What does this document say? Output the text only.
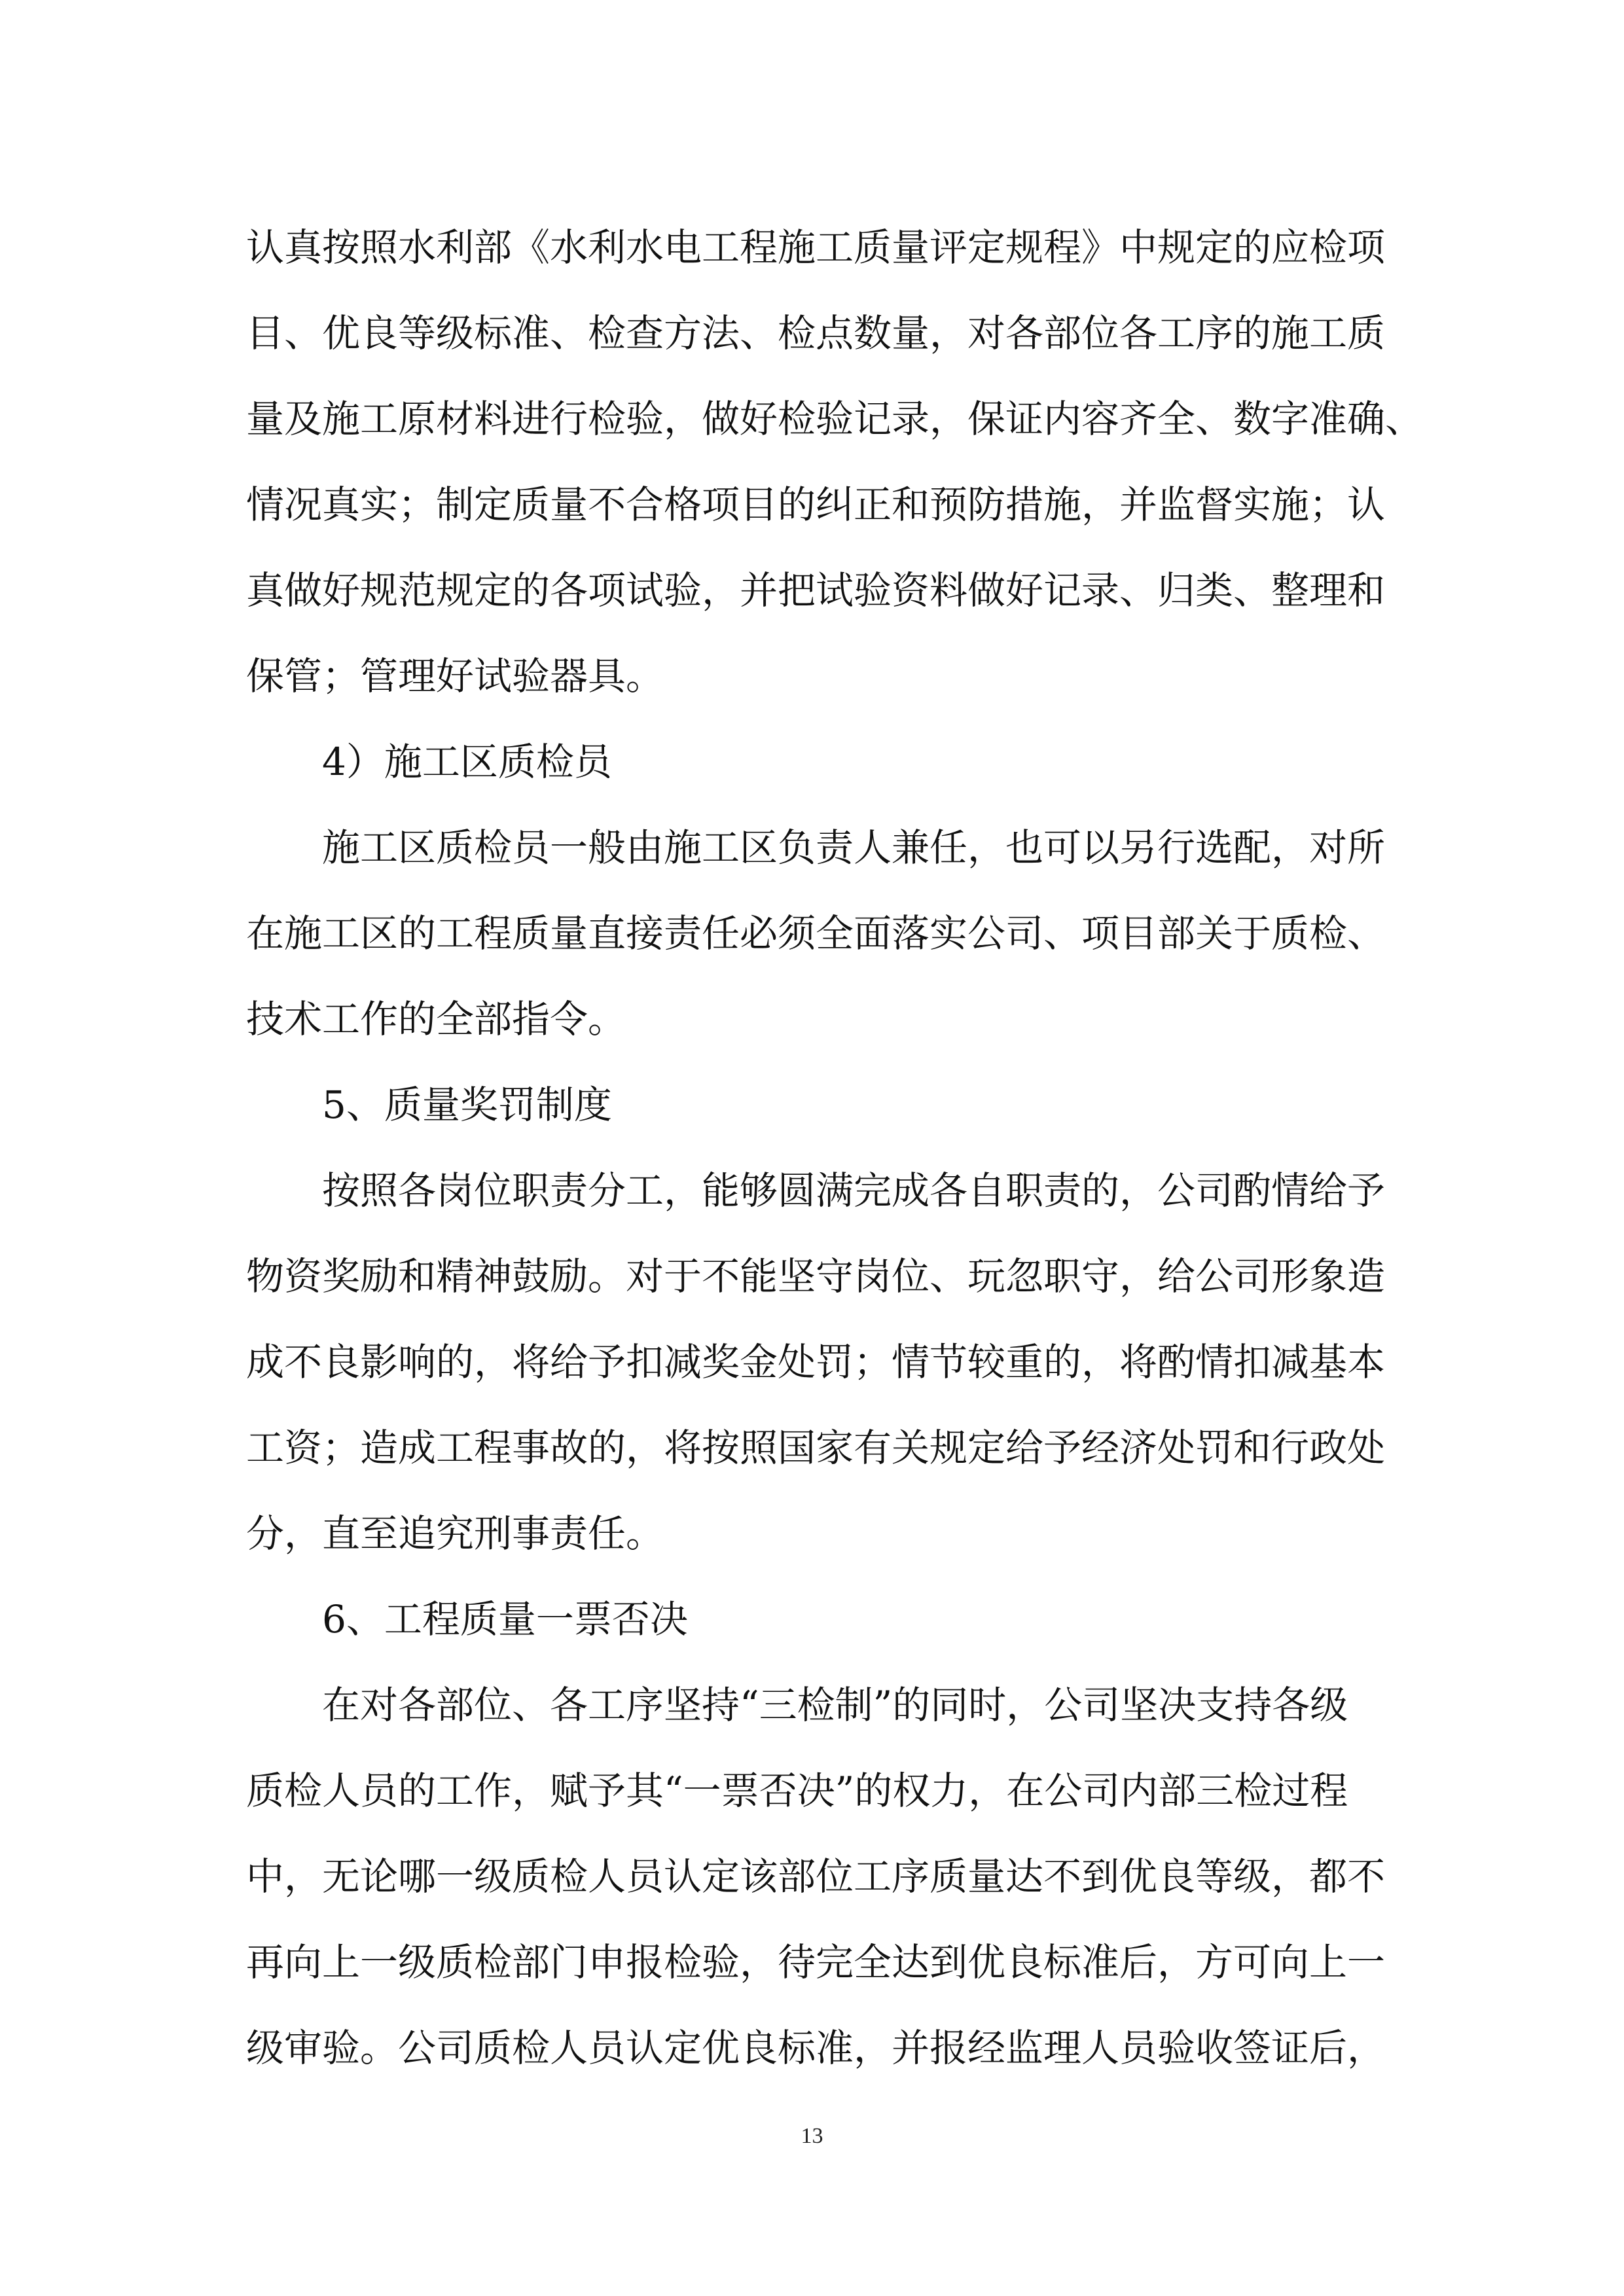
认真按照水利部《水利水电工程施工质量评定规程》中规定的应检项
目、优良等级标准、检查方法、检点数量，对各部位各工序的施工质
量及施工原材料进行检验，做好检验记录，保证内容齐全、数字准确、
情况真实；制定质量不合格项目的纠正和预防措施，并监督实施；认
真做好规范规定的各项试验，并把试验资料做好记录、归类、整理和
保管；管理好试验器具。
4）施工区质检员
施工区质检员一般由施工区负责人兼任，也可以另行选配，对所
在施工区的工程质量直接责任必须全面落实公司、项目部关于质检、
技术工作的全部指令。
5、质量奖罚制度
按照各岗位职责分工，能够圆满完成各自职责的，公司酌情给予
物资奖励和精神鼓励。对于不能坚守岗位、玩忽职守，给公司形象造
成不良影响的，将给予扣减奖金处罚；情节较重的，将酌情扣减基本
工资；造成工程事故的，将按照国家有关规定给予经济处罚和行政处
分，直至追究刑事责任。
6、工程质量一票否决
在对各部位、各工序坚持“三检制”的同时，公司坚决支持各级
质检人员的工作，赋予其“一票否决”的权力，在公司内部三检过程
中，无论哪一级质检人员认定该部位工序质量达不到优良等级，都不
再向上一级质检部门申报检验，待完全达到优良标准后，方可向上一
级审验。公司质检人员认定优良标准，并报经监理人员验收签证后，
13
